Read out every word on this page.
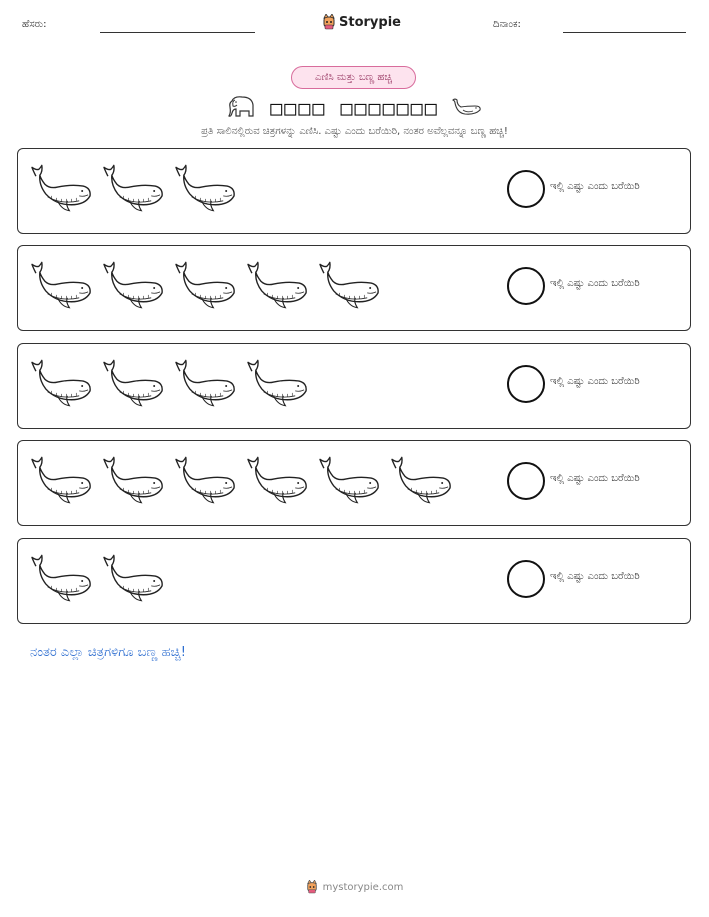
ಹೆಸರು:	Storypie	ದಿನಾಂಕ:
ಎಣಿಸಿ ಮತ್ತು ಬಣ್ಣ ಹಚ್ಚಿ
□□□□ □□□□□□□
ಪ್ರತಿ ಸಾಲಿನಲ್ಲಿರುವ ಚಿತ್ರಗಳನ್ನು ಎಣಿಸಿ. ಎಷ್ಟು ಎಂದು ಬರೆಯಿರಿ, ನಂತರ ಅವೆಲ್ಲವನ್ನೂ ಬಣ್ಣ ಹಚ್ಚಿ!
ಇಲ್ಲಿ ಎಷ್ಟು ಎಂದು ಬರೆಯಿರಿ
ಇಲ್ಲಿ ಎಷ್ಟು ಎಂದು ಬರೆಯಿರಿ
ಇಲ್ಲಿ ಎಷ್ಟು ಎಂದು ಬರೆಯಿರಿ
ಇಲ್ಲಿ ಎಷ್ಟು ಎಂದು ಬರೆಯಿರಿ
ಇಲ್ಲಿ ಎಷ್ಟು ಎಂದು ಬರೆಯಿರಿ
ನಂತರ ಎಲ್ಲಾ ಚಿತ್ರಗಳಿಗೂ ಬಣ್ಣ ಹಚ್ಚಿ!
mystorypie.com
